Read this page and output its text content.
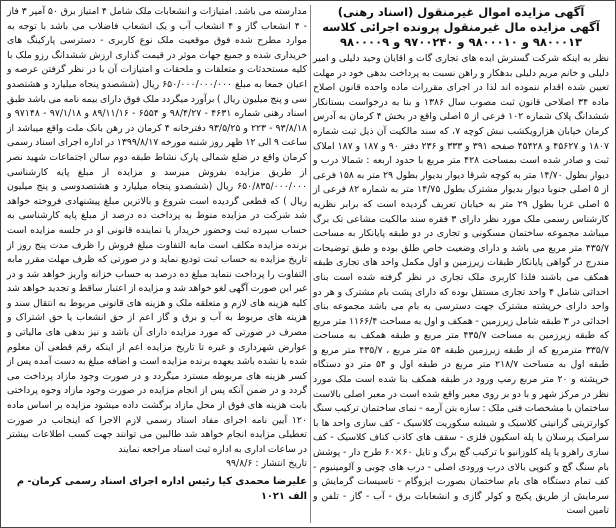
آگهی مزایده اموال غیرمنقول (اسناد رهنی)

آگهی مزایده مال غیرمنقول پرونده اجرائی کلاسه ۹۸۰۰۰۱۳ و ۹۸۰۰۰۱۰ و ۹۷۰۰۲۴۰ و ۹۸۰۰۰۰۹

نظر به اینکه شرکت گسترش ایده های تجاری گات و اقایان وحید دلیلی و امیر دلیلی و خانم مریم دلیلی بدهکار و راهن نسبت به پرداخت بدهی خود در مهلت تعیین شده اقدام ننموده اند لذا در اجرای مقررات ماده واحده قانون اصلاح ماده ۳۴ اصلاحی قانون ثبت مصوب سال ۱۳۸۶ و بنا به درخواست بستانکار ششدانگ پلاک شماره ۱۰۲ فرعی از ۵ اصلی واقع در بخش ۴ کرمان به آدرس کرمان خیابان هزارویکشب نبش کوچه ۷، که سند مالکیت آن ذیل ثبت شماره ۱۸۰۷ و ۴۵۶۲۷ و ۴۵۴۲۸ صفحه ۳۹۱ و ۳۳۳ و ۲۳۶ دفتر ۹۰ و ۱۸۷ و ۱۸۷ املاک ثبت و صادر شده است بمساحت ۴۲۸ متر مربع با حدود اربعه : شمالا درب و دیوار بطول ۱۴/۷۰ متر به کوچه شرقا دیوار بدیوار بطول ۲۹ متر به ۱۵۸ فرعی از ۵ اصلی جنوبا دیوار بدیوار مشترک بطول ۱۴/۷۵ متر به شماره ۸۲ فرعی از ۵ اصلی غربا بطول ۲۹ متر به خیابان تعریف گردیده است که برابر نظریه کارشناس رسمی ملک مورد نظر دارای ۳ فقره سند مالکیت مشاعی تک برگ میباشد مجموعه ساختمان مسکونی و تجاری در دو طبقه پایانکار به مساحت ۴۳۵/۷ متر مربع می باشد و دارای وضعیت خاص طلق بوده و طبق توضیحات مندرج در گواهی پایانکار طبقات زیرزمین و اول مکمل واحد های تجاری طبقه همکف می باشند فلذا کاربری ملک تجاری در نظر گرفته شده است بنای احداثی شامل ۴ واحد تجاری مستقل بوده که دارای پشت بام مشترک و هر دو واحد دارای خرپشته مشترک جهت دسترسی به بام می باشد مجموعه بنای احداثی در ۳ طبقه شامل زیرزمین - همکف و اول به مساحت ۱۱۶۶/۴ متر مربع که طبقه زیرزمین به مساحت ۴۳۵/۷ متر مربع و طبقه همکف به مساحت ۳۳۵/۷ مترمربع که از طبقه زیرزمین طبقه ۵۴ متر مربع ، ۴۳۵/۷ متر مربع و طبقه اول به مساحت ۲۱۸/۷ متر مربع در طبقه اول و ۵۴ متر دو دستگاه خرپشته و ۲۰ متر مربع رمپ ورود در طبقه همکف بنا شده است ملک مورد نظر در مرکز شهر و با دو بر روی معبر واقع شده است در معبر اصلی بالاست ساختمان با مشخصات فنی ملک : سازه بتن آرمه - نمای ساختمان ترکیب سنگ کوارتزیتی گرانیتی کلاسیک و شیشه سکوریت کلاسیک - کف سازی واحد ها با سرامیک پرسلان یا پله اسکیون فلزی - سقف های کاذب کناف کلاسیک - کف سازی راهرو یا پله کلوزانیو با ترکیب گچ برگ و تایل ۶۰×۶۰ طرح دار - پوشش بام سنگ گچ و کنوپی بالای درب ورودی اصلی - درب های چوبی و آلومینیوم - کف تمام دستگاه های بام ساختمان بصورت ایزوگام - تاسیسات گرمایش و سرمایش از طریق پکیج و کولر گازی و انشعابات برق - آب - گاز - تلفن و تامین است

مدارسته می باشد. امتیازات و انشعابات ملک شامل ۴ امتیاز برق ۵۰ آمپر ۳ فاز - ۴ انشعاب گاز و ۴ انشعاب آب و یک انشعاب فاضلاب می باشد با توجه به موارد مطرح شده فوق موقعیت ملک نوع کاربری - دسترسی پارکینگ های خریداری شده و جمیع جهات موثر در قیمت گذاری ارزش ششدانگ رزو ملک با کلیه مستحدثات و متعلقات و ملحقات و امتیازات آن با در نظر گرفتن عرصه و اعیان جمعا به مبلغ ۶۵۰/۰۰۰/۰۰۰/۰۰۰ ریال (ششصدو پنجاه میلیارد و هشتصدو سی و پنج میلیون ریال ) برآورد میگردد ملک فوق دارای بیمه نامه می باشد طبق اسناد رهنی شماره ۴۶۳۱ - ۹۸/۴/۲۷ و ۶۵۵۴ - ۸۹/۱۱/۱۶ و ۹۷/۱/۱۸ - ۹۷۱۴۸ و ۹۳/۸/۱۸ - ۲۲۳ و ۹۳/۵/۲۵ دفترخانه ۴ کرمان در رهن بانک ملت واقع میباشد از ساعت ۹ الی ۱۲ ظهر روز شنبه مورخه ۱۳۹۹/۸/۱۷ در اداره اجرای اسناد رسمی کرمان واقع در ضلع شمالی پارک نشاط طبقه دوم سالن اجتماعات شهید نصر از طریق مزایده بفروش میرسد و مزایده از مبلغ پایه کارشناسی ۶۵۰/۸۳۵/۰۰۰/۰۰۰ ریال (ششصدو پنجاه میلیارد و هشتصدوسی و پنج میلیون ریال ) که قطعی گردیده است شروع و بالاترین مبلغ پیشنهادی فروخته خواهد شد شرکت در مزایده منوط به پرداخت ده درصد از مبلغ پایه کارشناسی به حساب سپرده ثبت وحضور خریدار یا نماینده قانونی او در جلسه مزایده است برنده مزایده مکلف است مابه التفاوت مبلغ فروش را ظرف مدت پنج روز از تاریخ مزایده به حساب ثبت تودیع نماید و در صورتی که ظرف مهلت مقرر مابه التفاوت را پرداخت ننماید مبلغ ده درصد به حساب خزانه واریز خواهد شد و در غیر این صورت آگهی لغو خواهد شد و مزایده از اعتبار ساقط و تجدید خواهد شد کلیه هزینه های لازم و متعلقه ملک و هزینه های قانونی مربوط به انتقال سند و هزینه های مربوط به آب و برق و گاز اعم از حق انشعاب یا حق اشتراک و مصرف در صورتی که مورد مزایده دارای آن باشد و نیز بدهی های مالیاتی و عوارض شهرداری و غیره تا تاریخ مزایده اعم از اینکه رقم قطعی آن معلوم شده یا نشده باشد بعهده برنده مزایده است و اضافه مبلغ به دست آمده پس از کسر هزینه های مربوطه مسترد میگردد و در صورت وجود مازاد پرداخت می گردد و در ضمن آنکه پس از انجام مزایده در صورت وجود مازاد وجوه پرداختی بابت هزینه های فوق از محل مازاد برگشت داده میشود مزایده بر اساس ماده ۱۲۰ آیین نامه اجرای مفاد اسناد رسمی لازم الاجرا که اینجانب در صورت تعطیلی مزایده انجام خواهد شد طالبین می توانند جهت کسب اطلاعات بیشتر در ساعات اداری به اداره ثبت اسناد مراجعه نمایند

تاریخ انتشار : ۹۹/۸/۶

علیرضا محمدی کیا رئیس اداره اجرای اسناد رسمی کرمان- م الف ۱۰۲۱
